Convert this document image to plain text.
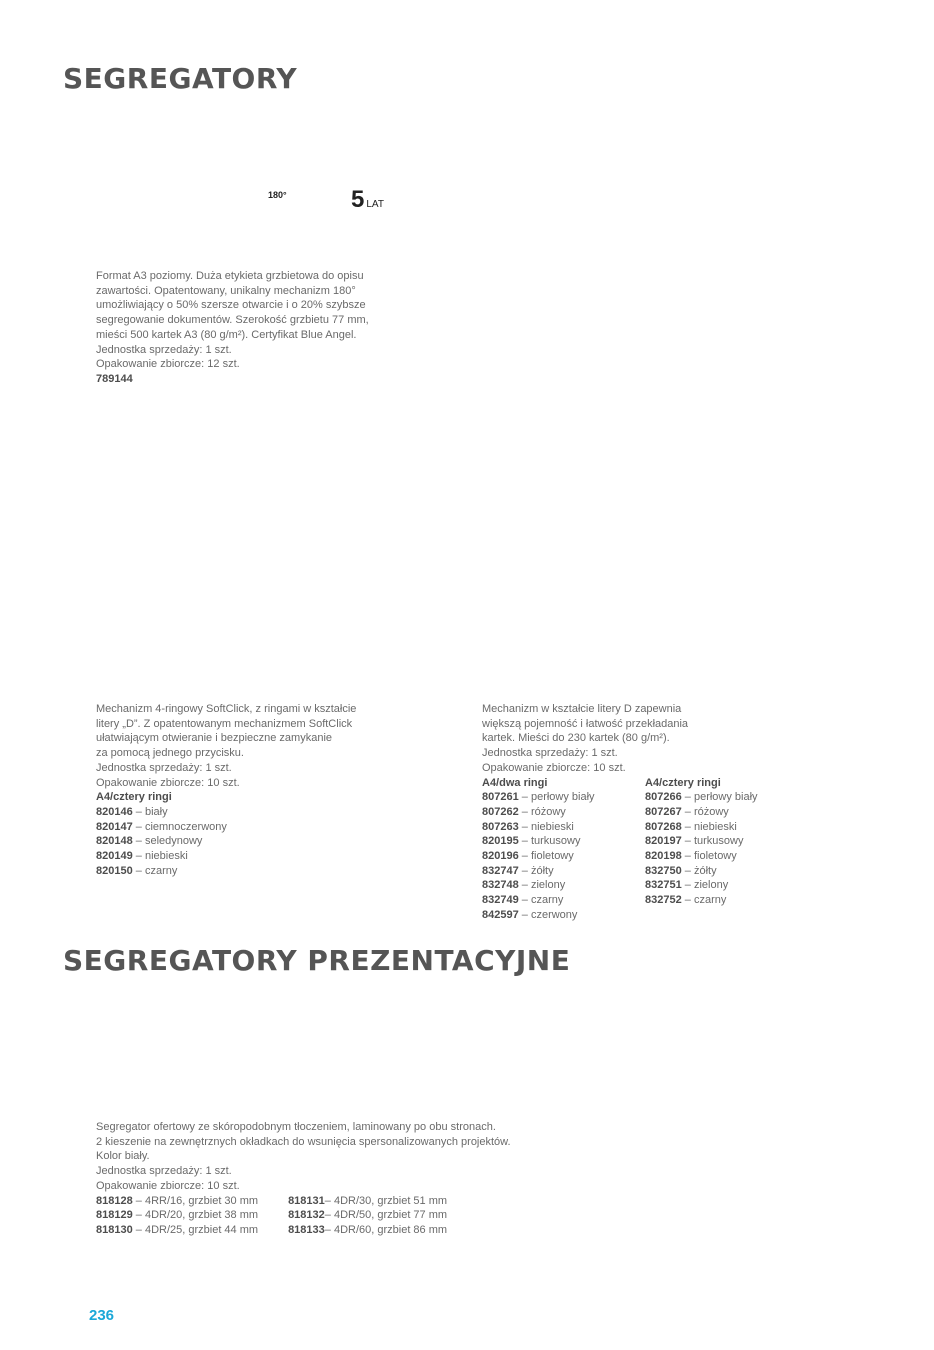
SEGREGATORY
180°	5 LAT

Format A3 poziomy. Duża etykieta grzbietowa do opisu

zawartości. Opatentowany, unikalny mechanizm 180°

umożliwiający o 50% szersze otwarcie i o 20% szybsze

segregowanie dokumentów. Szerokość grzbietu 77 mm,

mieści 500 kartek A3 (80 g/m²). Certyfikat Blue Angel.

Jednostka sprzedaży: 1 szt.

Opakowanie zbiorcze: 12 szt.

789144

Mechanizm 4-ringowy SoftClick, z ringami w kształcie

litery „D”. Z opatentowanym mechanizmem SoftClick

ułatwiającym otwieranie i bezpieczne zamykanie

za pomocą jednego przycisku.

Jednostka sprzedaży: 1 szt.

Opakowanie zbiorcze: 10 szt.

A4/cztery ringi

820146 – biały

820147 – ciemnoczerwony

820148 – seledynowy

820149 – niebieski

820150 – czarny

Mechanizm w kształcie litery D zapewnia

większą pojemność i łatwość przekładania

kartek. Mieści do 230 kartek (80 g/m²).

Jednostka sprzedaży: 1 szt.

Opakowanie zbiorcze: 10 szt.

A4/dwa ringi

807261 – perłowy biały

807262 – różowy

807263 – niebieski

820195 – turkusowy

820196 – fioletowy

832747 – żółty

832748 – zielony

832749 – czarny

842597 – czerwony

A4/cztery ringi

807266 – perłowy biały

807267 – różowy

807268 – niebieski

820197 – turkusowy

820198 – fioletowy

832750 – żółty

832751 – zielony

832752 – czarny

SEGREGATORY PREZENTACYJNE

Segregator ofertowy ze skóropodobnym tłoczeniem, laminowany po obu stronach.

2 kieszenie na zewnętrznych okładkach do wsunięcia spersonalizowanych projektów.

Kolor biały.

Jednostka sprzedaży: 1 szt.

Opakowanie zbiorcze: 10 szt.

818128 – 4RR/16, grzbiet 30 mm

818129 – 4DR/20, grzbiet 38 mm

818130 – 4DR/25, grzbiet 44 mm

818131– 4DR/30, grzbiet 51 mm

818132– 4DR/50, grzbiet 77 mm

818133– 4DR/60, grzbiet 86 mm

236
